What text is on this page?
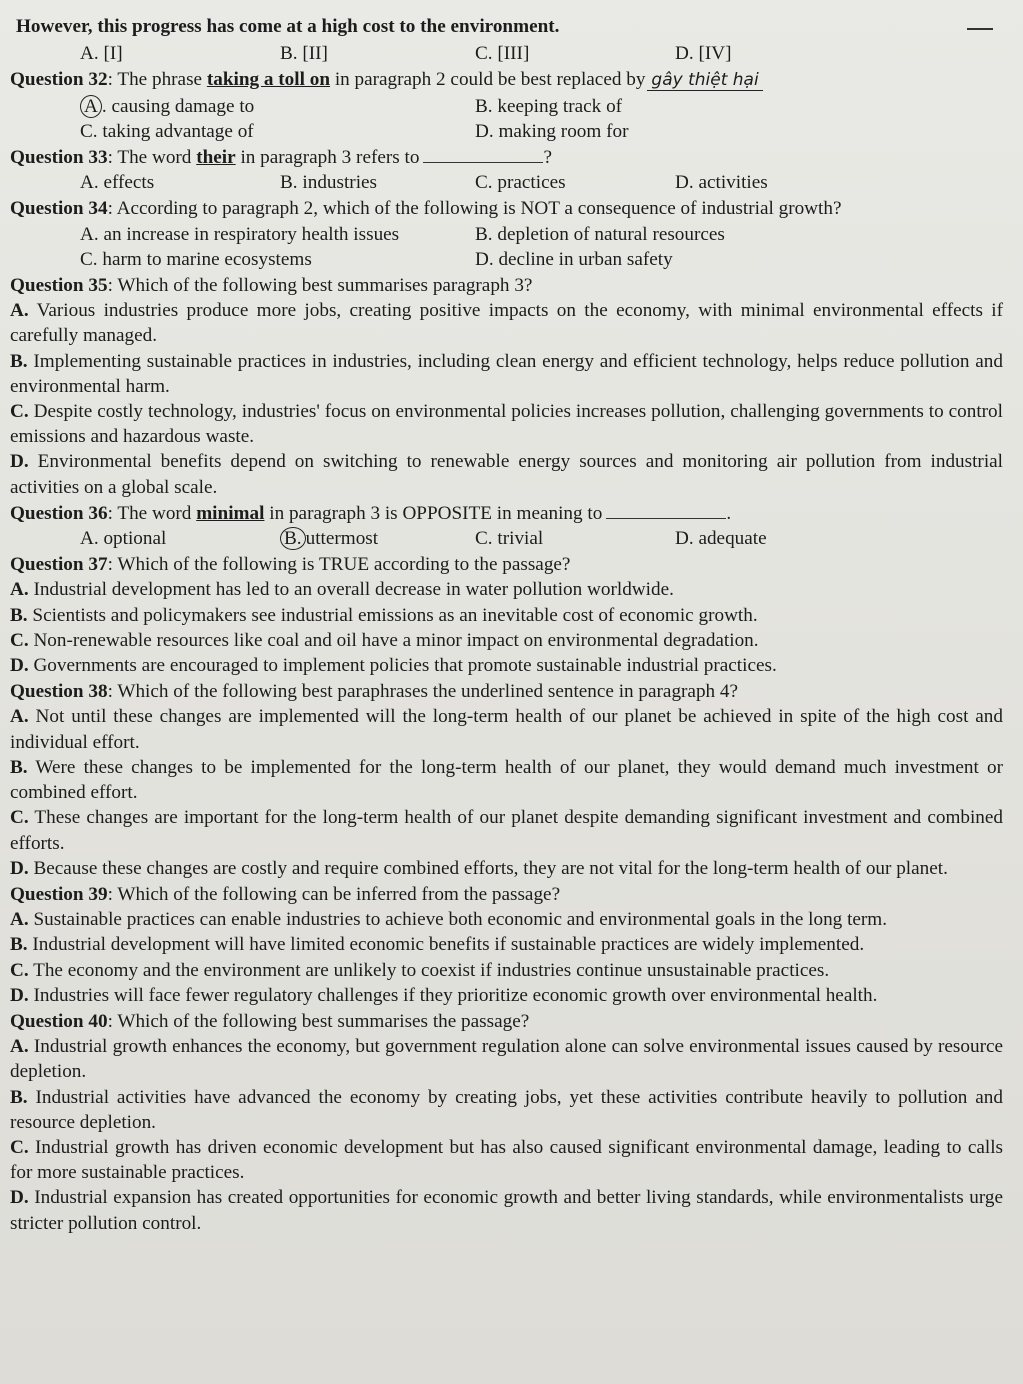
However, this progress has come at a high cost to the environment.
A. [I]	B. [II]	C. [III]	D. [IV]
Question 32: The phrase taking a toll on in paragraph 2 could be best replaced by gây thiệt hại
A . causing damage to	B. keeping track of
C. taking advantage of	D. making room for
Question 33: The word their in paragraph 3 refers to	?
A. effects	B. industries	C. practices	D. activities
Question 34: According to paragraph 2, which of the following is NOT a consequence of industrial growth?
A. an increase in respiratory health issues	B. depletion of natural resources
C. harm to marine ecosystems	D. decline in urban safety
Question 35: Which of the following best summarises paragraph 3?
A. Various industries produce more jobs, creating positive impacts on the economy, with minimal environmental effects if carefully managed.
B. Implementing sustainable practices in industries, including clean energy and efficient technology, helps reduce pollution and environmental harm.
C. Despite costly technology, industries' focus on environmental policies increases pollution, challenging governments to control emissions and hazardous waste.
D. Environmental benefits depend on switching to renewable energy sources and monitoring air pollution from industrial activities on a global scale.
Question 36: The word minimal in paragraph 3 is OPPOSITE in meaning to	.
A. optional	B. uttermost	C. trivial	D. adequate
Question 37: Which of the following is TRUE according to the passage?
A. Industrial development has led to an overall decrease in water pollution worldwide.
B. Scientists and policymakers see industrial emissions as an inevitable cost of economic growth.
C. Non-renewable resources like coal and oil have a minor impact on environmental degradation.
D. Governments are encouraged to implement policies that promote sustainable industrial practices.
Question 38: Which of the following best paraphrases the underlined sentence in paragraph 4?
A. Not until these changes are implemented will the long-term health of our planet be achieved in spite of the high cost and individual effort.
B. Were these changes to be implemented for the long-term health of our planet, they would demand much investment or combined effort.
C. These changes are important for the long-term health of our planet despite demanding significant investment and combined efforts.
D. Because these changes are costly and require combined efforts, they are not vital for the long-term health of our planet.
Question 39: Which of the following can be inferred from the passage?
A. Sustainable practices can enable industries to achieve both economic and environmental goals in the long term.
B. Industrial development will have limited economic benefits if sustainable practices are widely implemented.
C. The economy and the environment are unlikely to coexist if industries continue unsustainable practices.
D. Industries will face fewer regulatory challenges if they prioritize economic growth over environmental health.
Question 40: Which of the following best summarises the passage?
A. Industrial growth enhances the economy, but government regulation alone can solve environmental issues caused by resource depletion.
B. Industrial activities have advanced the economy by creating jobs, yet these activities contribute heavily to pollution and resource depletion.
C. Industrial growth has driven economic development but has also caused significant environmental damage, leading to calls for more sustainable practices.
D. Industrial expansion has created opportunities for economic growth and better living standards, while environmentalists urge stricter pollution control.
